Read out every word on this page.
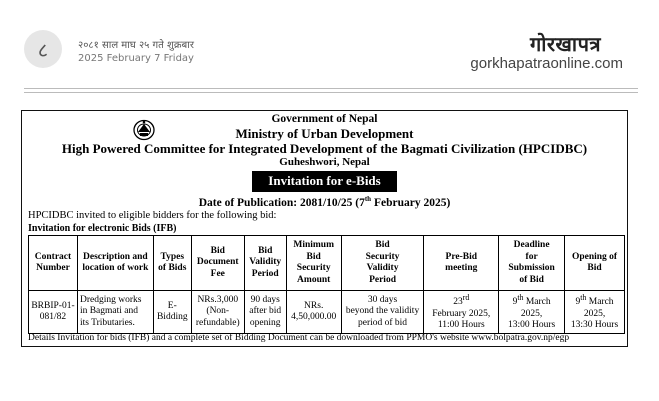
८	२०८१ साल माघ २५ गते शुक्रबार
2025 February 7 Friday
गोरखापत्र
gorkhapatraonline.com
Government of Nepal
Ministry of Urban Development
High Powered Committee for Integrated Development of the Bagmati Civilization (HPCIDBC)
Guheshwori, Nepal
Invitation for e-Bids
Date of Publication: 2081/10/25 (7th February 2025)
HPCIDBC invited to eligible bidders for the following bid:
Invitation for electronic Bids (IFB)
Contract
Number	Description and
location of work	Types
of Bids	Bid
Document
Fee	Bid
Validity
Period	Minimum
Bid
Security
Amount	Bid
Security
Validity
Period	Pre-Bid
meeting	Deadline
for
Submission
of Bid	Opening of
Bid

BRBIP-01-
081/82	Dredging works
in Bagmati and
its Tributaries.	E-
Bidding	NRs.3,000
(Non-
refundable)	90 days
after bid
opening	NRs.
4,50,000.00	30 days
beyond the validity
period of bid	23rd
February 2025,
11:00 Hours	9th March
2025,
13:00 Hours	9th March
2025,
13:30 Hours
Details Invitation for bids (IFB) and a complete set of Bidding Document can be downloaded from PPMO's website www.bolpatra.gov.np/egp
